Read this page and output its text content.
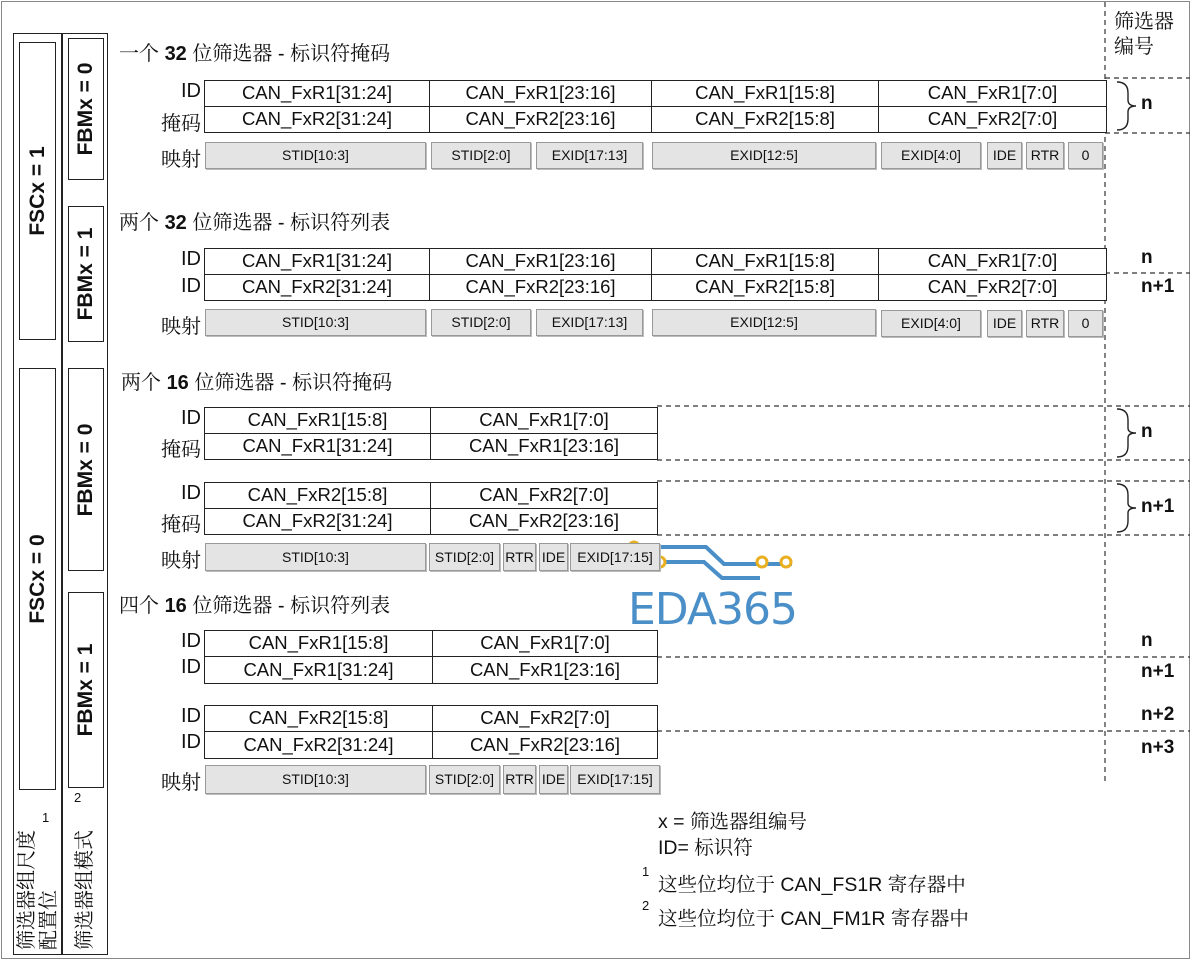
FSCx = 1
FSCx = 0
FBMx = 0
FBMx = 1
FBMx = 0
FBMx = 1
筛选器组尺度 配置位
1
筛选器组模式
2
筛选器
编号
一个 32 位筛选器 - 标识符掩码
两个 32 位筛选器 - 标识符列表
两个 16 位筛选器 - 标识符掩码
四个 16 位筛选器 - 标识符列表
ID
掩码
映射
CAN_FxR1[31:24]	CAN_FxR1[23:16]	CAN_FxR1[15:8]	CAN_FxR1[7:0]
CAN_FxR2[31:24]	CAN_FxR2[23:16]	CAN_FxR2[15:8]	CAN_FxR2[7:0]
STID[10:3]	STID[2:0]	EXID[17:13]	EXID[12:5]	EXID[4:0]	IDE	RTR	0
n
ID
ID
映射
CAN_FxR1[31:24]	CAN_FxR1[23:16]	CAN_FxR1[15:8]	CAN_FxR1[7:0]
CAN_FxR2[31:24]	CAN_FxR2[23:16]	CAN_FxR2[15:8]	CAN_FxR2[7:0]
STID[10:3]	STID[2:0]	EXID[17:13]	EXID[12:5]	EXID[4:0]	IDE	RTR	0
n
n+1
ID
掩码
CAN_FxR1[15:8]	CAN_FxR1[7:0]
CAN_FxR1[31:24]	CAN_FxR1[23:16]
ID
掩码
CAN_FxR2[15:8]	CAN_FxR2[7:0]
CAN_FxR2[31:24]	CAN_FxR2[23:16]
映射	STID[10:3]	STID[2:0] RTR IDE EXID[17:15]
n
n+1
ID
ID
CAN_FxR1[15:8]	CAN_FxR1[7:0]
CAN_FxR1[31:24]	CAN_FxR1[23:16]
ID
ID
CAN_FxR2[15:8]	CAN_FxR2[7:0]
CAN_FxR2[31:24]	CAN_FxR2[23:16]
映射	STID[10:3]	STID[2:0] RTR IDE EXID[17:15]
n
n+1
n+2
n+3
EDA365
x = 筛选器组编号
ID= 标识符
1
这些位均位于 CAN_FS1R 寄存器中
2
这些位均位于 CAN_FM1R 寄存器中
